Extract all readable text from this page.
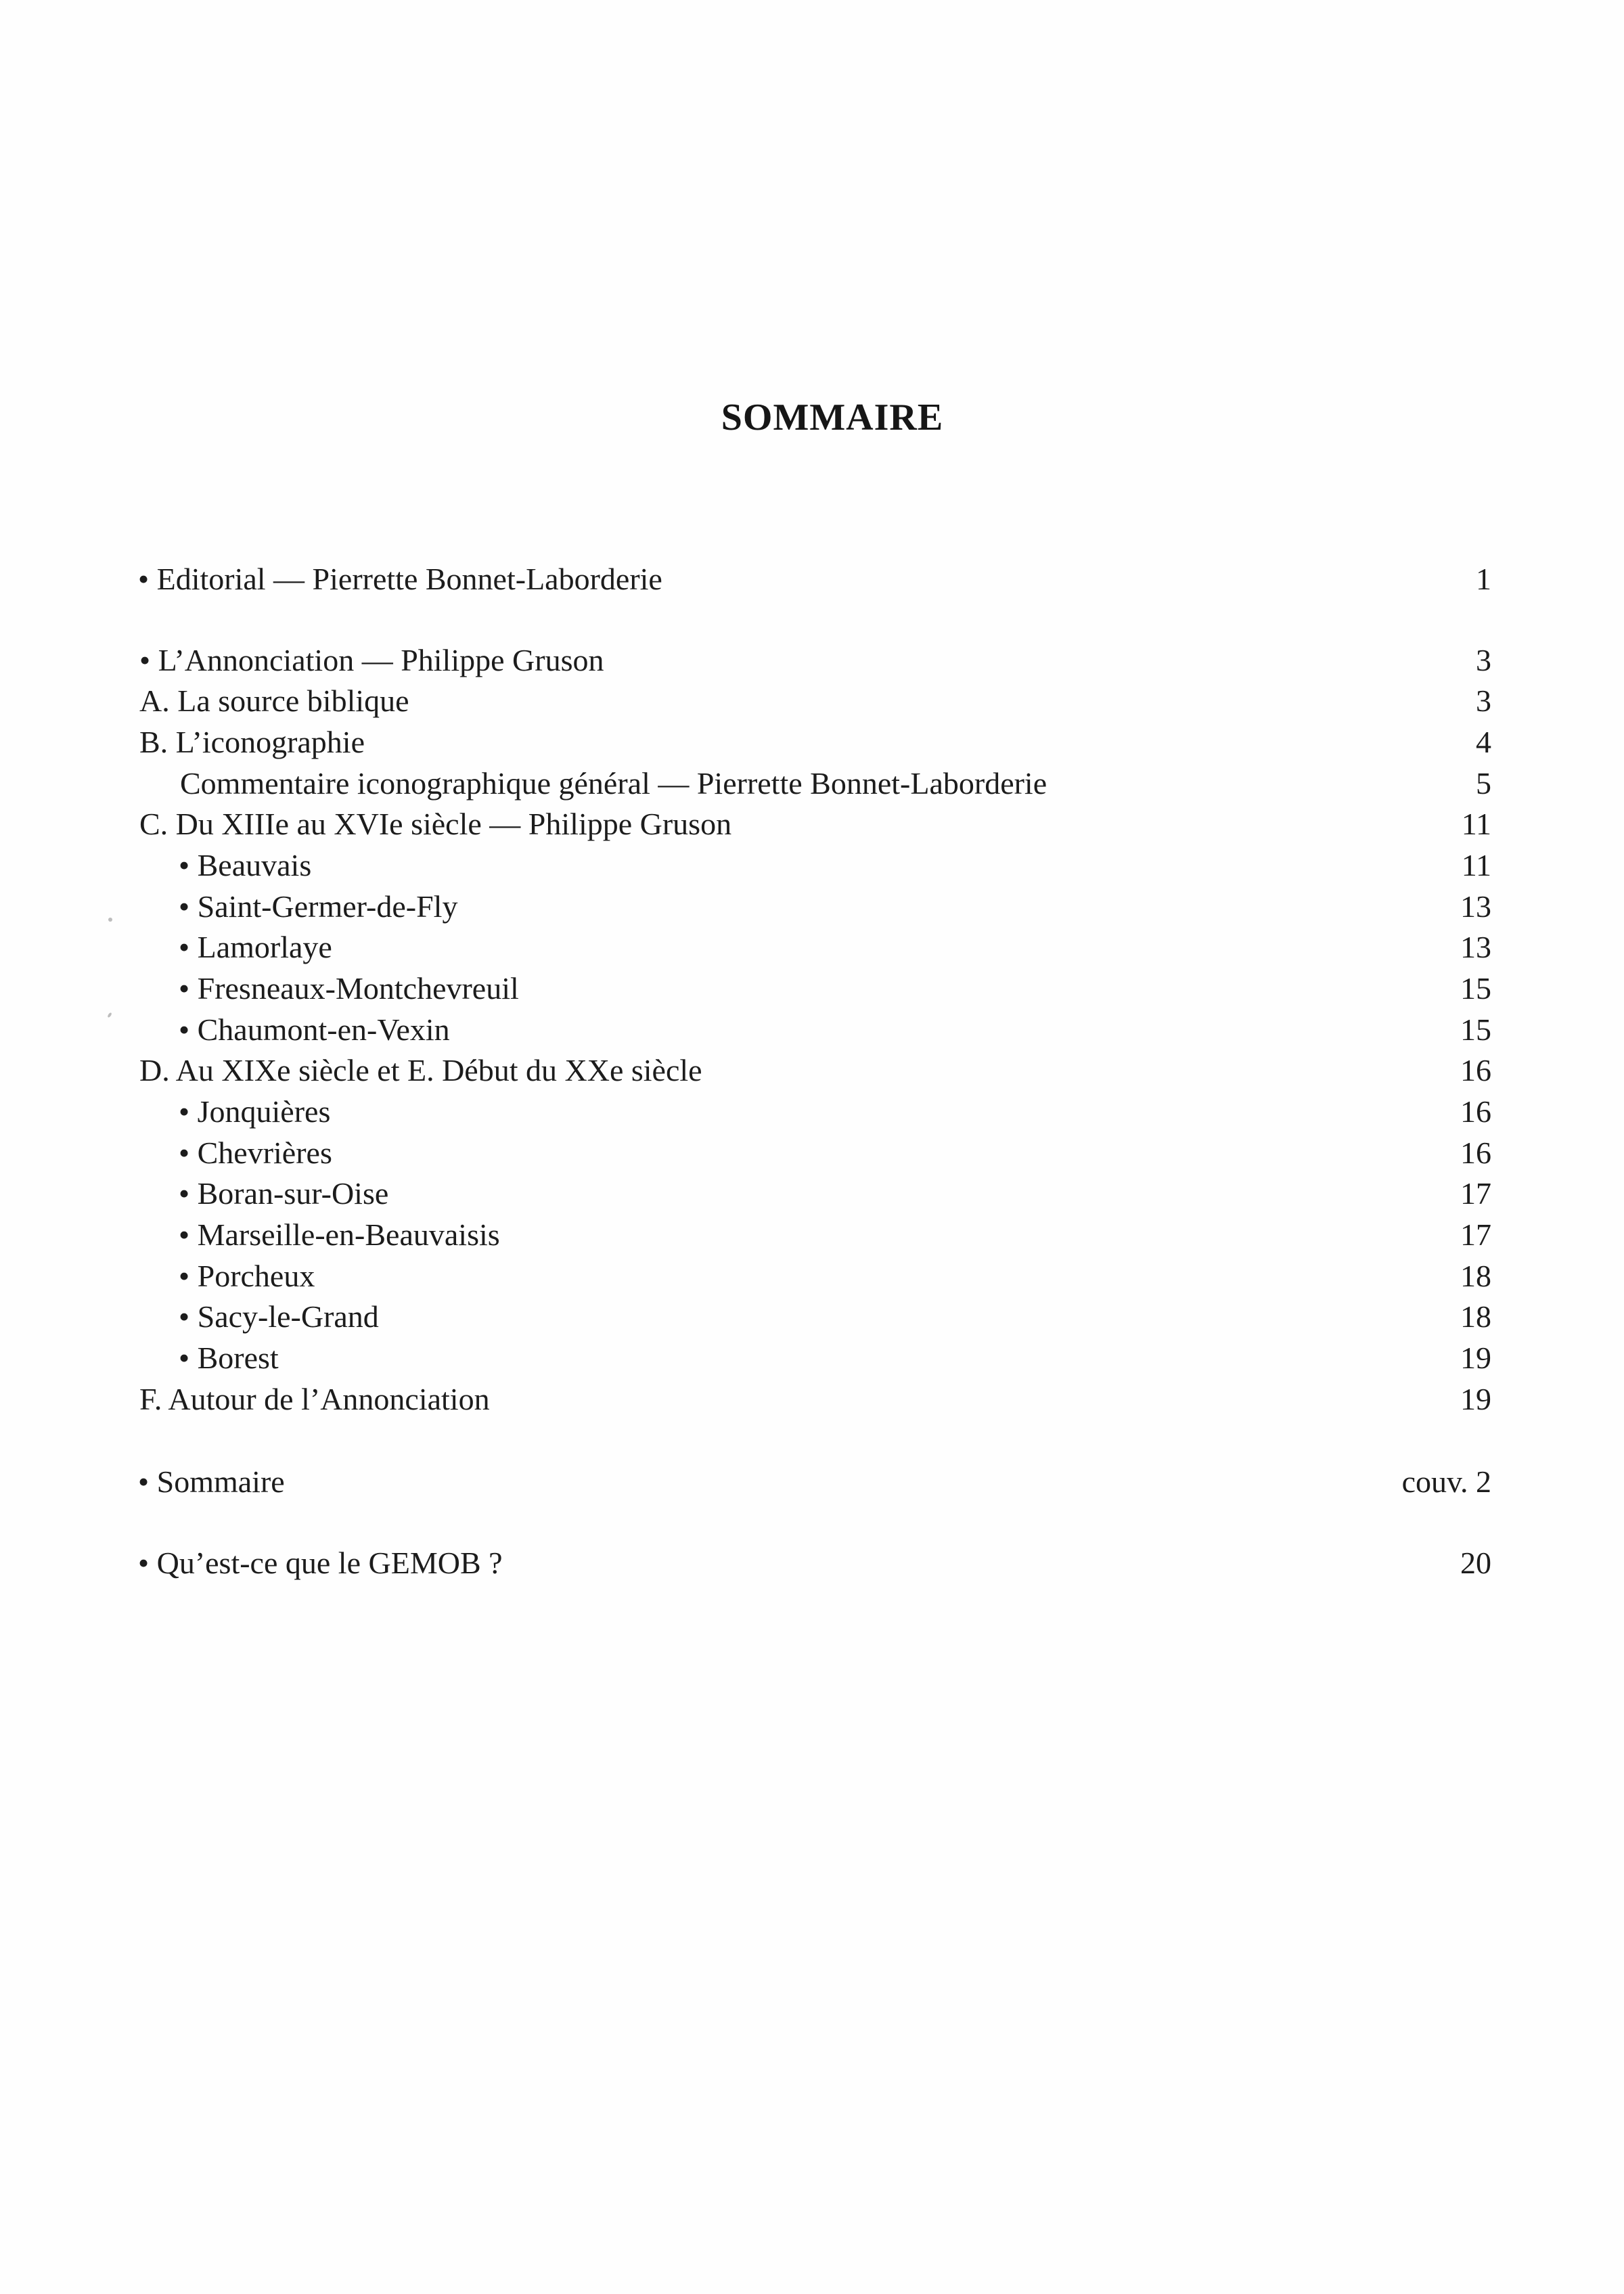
SOMMAIRE
• Editorial — Pierrette Bonnet-Laborderie	1
• L’Annonciation — Philippe Gruson	3
A. La source biblique	3
B. L’iconographie	4
Commentaire iconographique général — Pierrette Bonnet-Laborderie	5
C. Du XIIIe au XVIe siècle — Philippe Gruson	11
• Beauvais	11
• Saint-Germer-de-Fly	13
• Lamorlaye	13
• Fresneaux-Montchevreuil	15
• Chaumont-en-Vexin	15
D. Au XIXe siècle et E. Début du XXe siècle	16
• Jonquières	16
• Chevrières	16
• Boran-sur-Oise	17
• Marseille-en-Beauvaisis	17
• Porcheux	18
• Sacy-le-Grand	18
• Borest	19
F. Autour de l’Annonciation	19
• Sommaire	couv. 2
• Qu’est-ce que le GEMOB ?	20
